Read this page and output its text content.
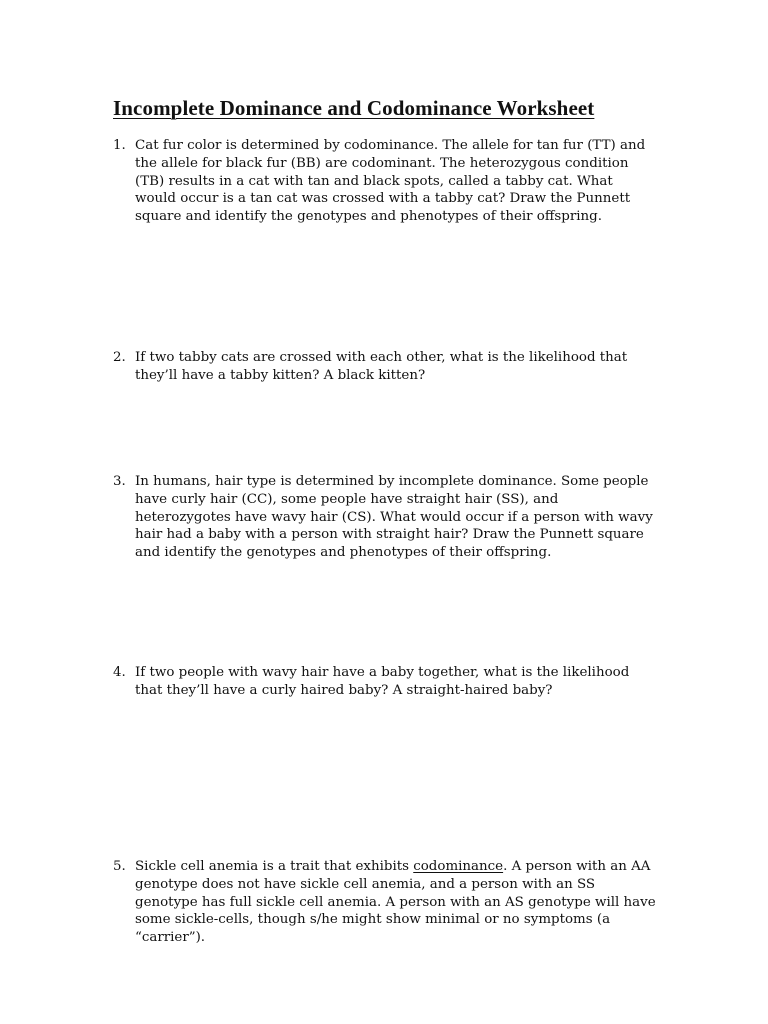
Incomplete Dominance and Codominance Worksheet
1. Cat fur color is determined by codominance. The allele for tan fur (TT) and the allele for black fur (BB) are codominant. The heterozygous condition (TB) results in a cat with tan and black spots, called a tabby cat. What would occur is a tan cat was crossed with a tabby cat? Draw the Punnett square and identify the genotypes and phenotypes of their offspring.
2. If two tabby cats are crossed with each other, what is the likelihood that they’ll have a tabby kitten? A black kitten?
3. In humans, hair type is determined by incomplete dominance. Some people have curly hair (CC), some people have straight hair (SS), and heterozygotes have wavy hair (CS). What would occur if a person with wavy hair had a baby with a person with straight hair? Draw the Punnett square and identify the genotypes and phenotypes of their offspring.
4. If two people with wavy hair have a baby together, what is the likelihood that they’ll have a curly haired baby? A straight-haired baby?
5. Sickle cell anemia is a trait that exhibits codominance. A person with an AA genotype does not have sickle cell anemia, and a person with an SS genotype has full sickle cell anemia. A person with an AS genotype will have some sickle-cells, though s/he might show minimal or no symptoms (a “carrier”).
